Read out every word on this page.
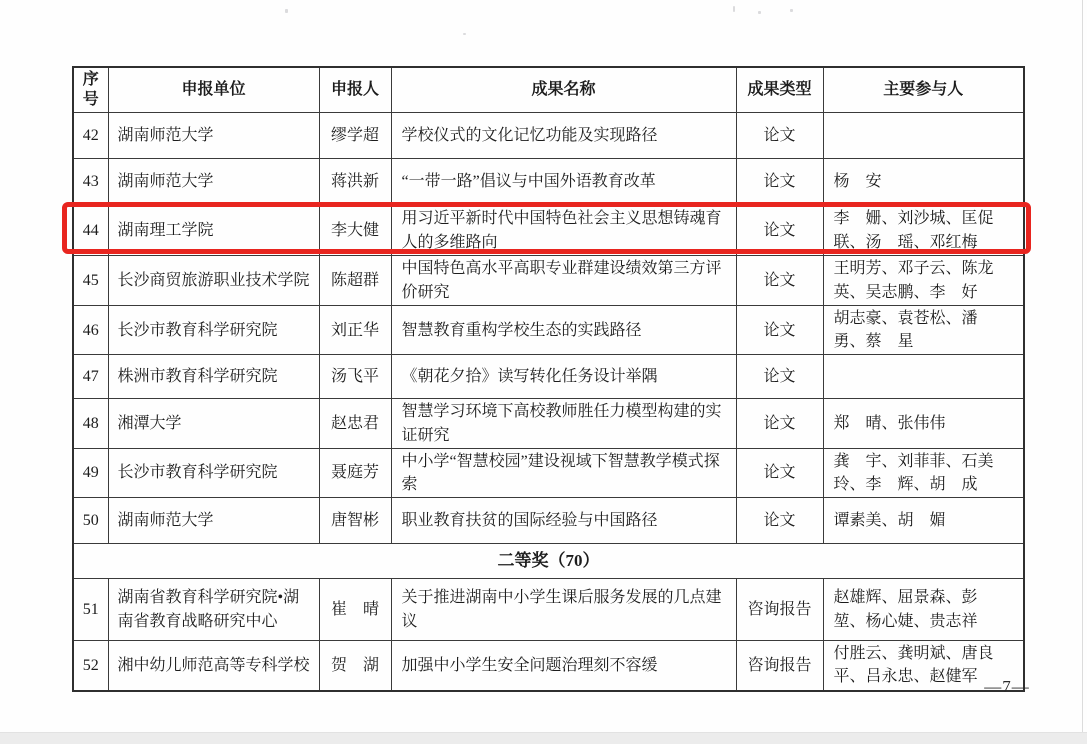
序号	申报单位	申报人	成果名称	成果类型	主要参与人
42	湖南师范大学	缪学超	学校仪式的文化记忆功能及实现路径	论文	
43	湖南师范大学	蒋洪新	“一带一路”倡议与中国外语教育改革	论文	杨　安
44	湖南理工学院	李大健	用习近平新时代中国特色社会主义思想铸魂育人的多维路向	论文	李　姗、刘沙城、匡促联、汤　瑶、邓红梅
45	长沙商贸旅游职业技术学院	陈超群	中国特色高水平高职专业群建设绩效第三方评价研究	论文	王明芳、邓子云、陈龙英、吴志鹏、李　好
46	长沙市教育科学研究院	刘正华	智慧教育重构学校生态的实践路径	论文	胡志豪、袁苍松、潘　勇、蔡　星
47	株洲市教育科学研究院	汤飞平	《朝花夕拾》读写转化任务设计举隅	论文	
48	湘潭大学	赵忠君	智慧学习环境下高校教师胜任力模型构建的实证研究	论文	郑　晴、张伟伟
49	长沙市教育科学研究院	聂庭芳	中小学“智慧校园”建设视域下智慧教学模式探索	论文	龚　宇、刘菲菲、石美玲、李　辉、胡　成
50	湖南师范大学	唐智彬	职业教育扶贫的国际经验与中国路径	论文	谭素美、胡　媚
二等奖（70）					
51	湖南省教育科学研究院•湖南省教育战略研究中心	崔　晴	关于推进湖南中小学生课后服务发展的几点建议	咨询报告	赵雄辉、屈景森、彭　堃、杨心婕、贵志祥
52	湘中幼儿师范高等专科学校	贺　湖	加强中小学生安全问题治理刻不容缓	咨询报告	付胜云、龚明斌、唐良平、吕永忠、赵健军
—7—
